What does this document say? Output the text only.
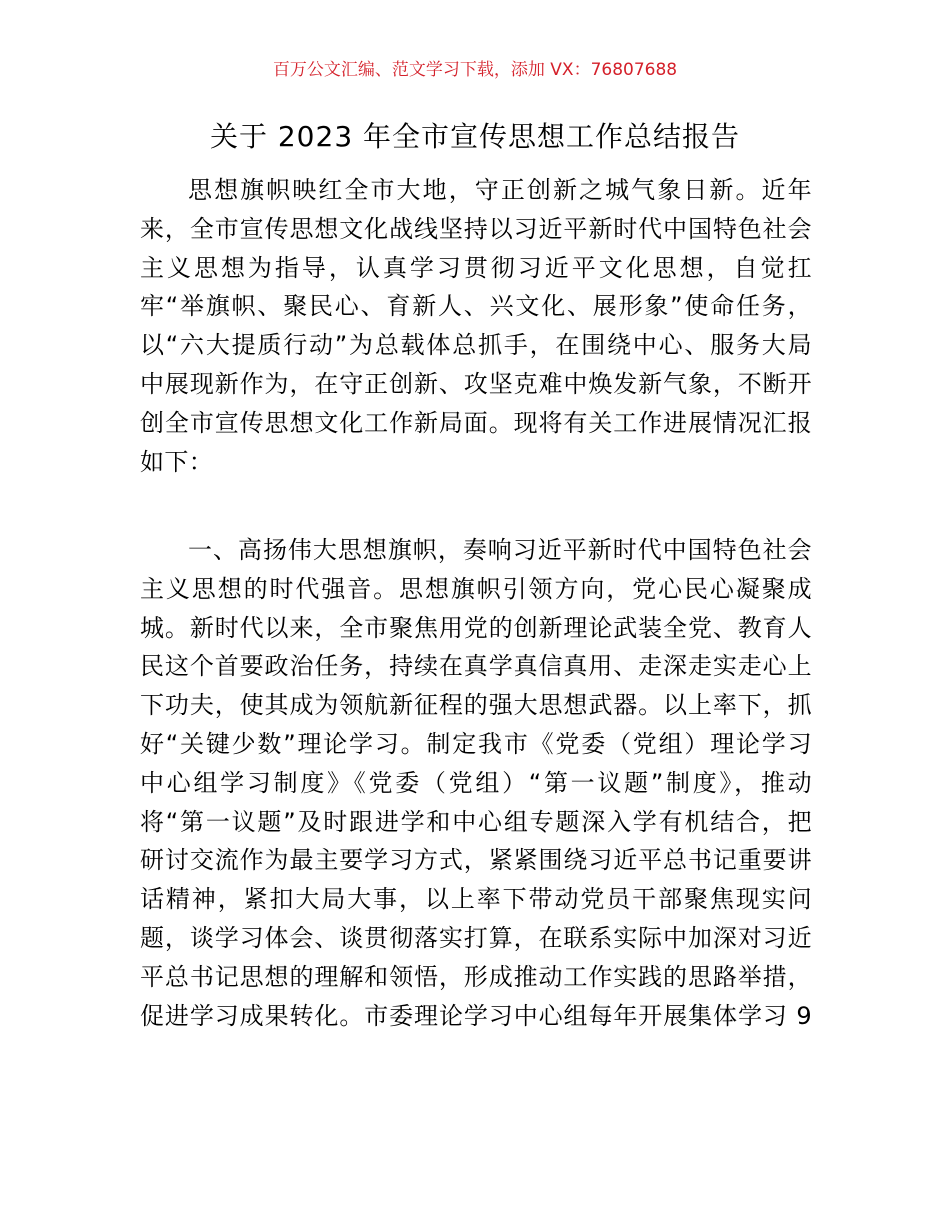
百万公文汇编、范文学习下载，添加 VX：76807688
关于 2023 年全市宣传思想工作总结报告
思想旗帜映红全市大地，守正创新之城气象日新。近年
来，全市宣传思想文化战线坚持以习近平新时代中国特色社会
主义思想为指导，认真学习贯彻习近平文化思想，自觉扛
牢“举旗帜、聚民心、育新人、兴文化、展形象”使命任务，
以“六大提质行动”为总载体总抓手，在围绕中心、服务大局
中展现新作为，在守正创新、攻坚克难中焕发新气象，不断开
创全市宣传思想文化工作新局面。现将有关工作进展情况汇报
如下：
一、高扬伟大思想旗帜，奏响习近平新时代中国特色社会
主义思想的时代强音。思想旗帜引领方向，党心民心凝聚成
城。新时代以来，全市聚焦用党的创新理论武装全党、教育人
民这个首要政治任务，持续在真学真信真用、走深走实走心上
下功夫，使其成为领航新征程的强大思想武器。以上率下，抓
好“关键少数”理论学习。制定我市《党委（党组）理论学习
中心组学习制度》《党委（党组）“第一议题”制度》，推动
将“第一议题”及时跟进学和中心组专题深入学有机结合，把
研讨交流作为最主要学习方式，紧紧围绕习近平总书记重要讲
话精神，紧扣大局大事，以上率下带动党员干部聚焦现实问
题，谈学习体会、谈贯彻落实打算，在联系实际中加深对习近
平总书记思想的理解和领悟，形成推动工作实践的思路举措，
促进学习成果转化。市委理论学习中心组每年开展集体学习 9
